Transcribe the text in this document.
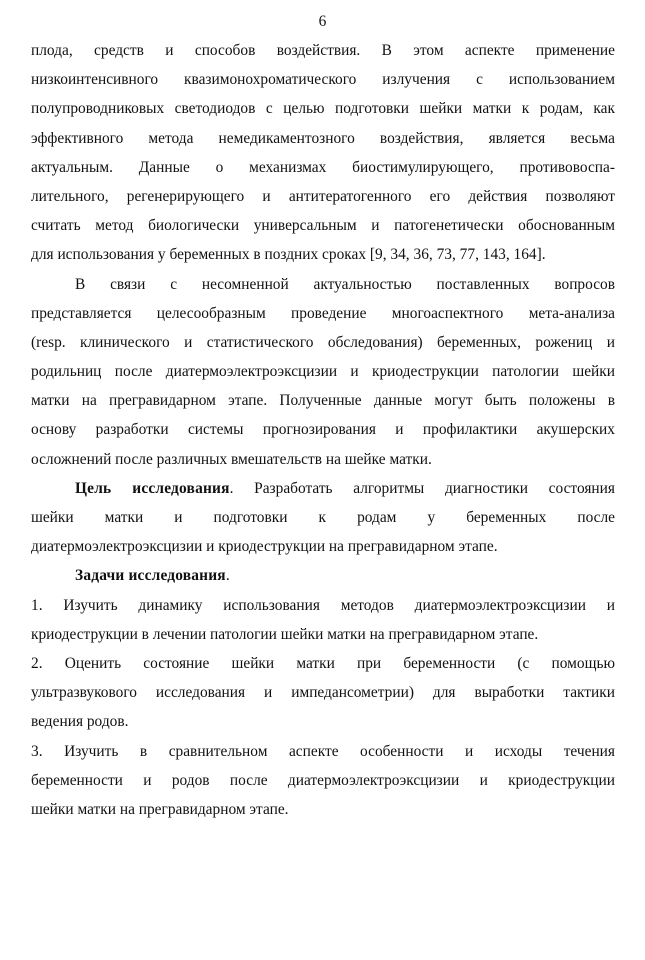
6
плода, средств и способов воздействия. В этом аспекте применение
низкоинтенсивного квазимонохроматического излучения с использованием
полупроводниковых светодиодов с целью подготовки шейки матки к родам, как
эффективного метода немедикаментозного воздействия, является весьма
актуальным. Данные о механизмах биостимулирующего, противовоспа-
лительного, регенерирующего и антитератогенного его действия позволяют
считать метод биологически универсальным и патогенетически обоснованным
для использования у беременных в поздних сроках [9, 34, 36, 73, 77, 143, 164].
В связи с несомненной актуальностью поставленных вопросов
представляется целесообразным проведение многоаспектного мета-анализа
(resp. клинического и статистического обследования) беременных, рожениц и
родильниц после диатермоэлектроэксцизии и криодеструкции патологии шейки
матки на прегравидарном этапе. Полученные данные могут быть положены в
основу разработки системы прогнозирования и профилактики акушерских
осложнений после различных вмешательств на шейке матки.
Цель исследования. Разработать алгоритмы диагностики состояния
шейки матки и подготовки к родам у беременных после
диатермоэлектроэксцизии и криодеструкции на прегравидарном этапе.
Задачи исследования.
1. Изучить динамику использования методов диатермоэлектроэксцизии и
криодеструкции в лечении патологии шейки матки на прегравидарном этапе.
2. Оценить состояние шейки матки при беременности (с помощью
ультразвукового исследования и импедансометрии) для выработки тактики
ведения родов.
3. Изучить в сравнительном аспекте особенности и исходы течения
беременности и родов после диатермоэлектроэксцизии и криодеструкции
шейки матки на прегравидарном этапе.
